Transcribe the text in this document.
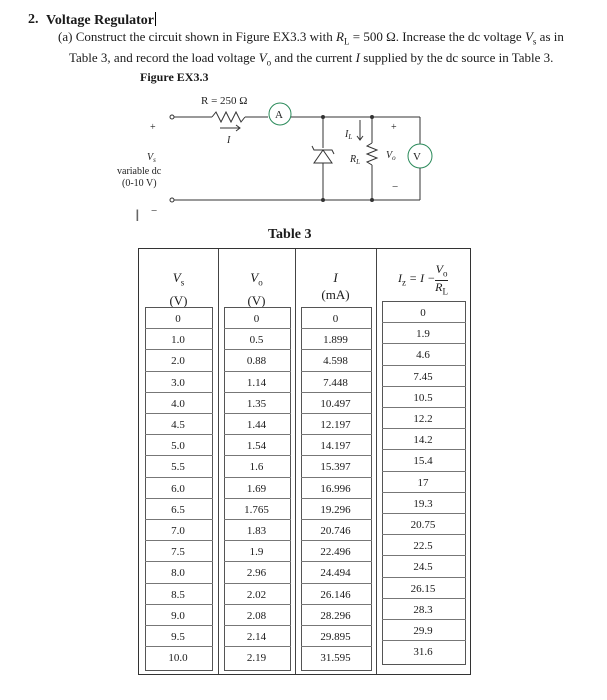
2. Voltage Regulator
(a) Construct the circuit shown in Figure EX3.3 with $R_L = 500$ Ω. Increase the dc voltage $V_s$ as in
Table 3, and record the load voltage $V_o$ and the current I supplied by the dc source in Table 3.
Figure EX3.3
R = 250 Ω
A
V
I
$I_L$
$R_L$
$V_o$
+
−
+
−
$V_s$
variable dc
(0-10 V)
I
Table 3
$V_s$
(V)
$V_o$
(V)
I
(mA)
$I_z = I$ −	
$V_o$
$R_L$
0	0	0	0
1.0	0.5	1.899	1.9
2.0	0.88	4.598	4.6
3.0	1.14	7.448	7.45
4.0	1.35	10.497	10.5
4.5	1.44	12.197	12.2
5.0	1.54	14.197	14.2
5.5	1.6	15.397	15.4
6.0	1.69	16.996	17
6.5	1.765	19.296	19.3
7.0	1.83	20.746	20.75
7.5	1.9	22.496	22.5
8.0	2.96	24.494	24.5
8.5	2.02	26.146	26.15
9.0	2.08	28.296	28.3
9.5	2.14	29.895	29.9
10.0	2.19	31.595	31.6
